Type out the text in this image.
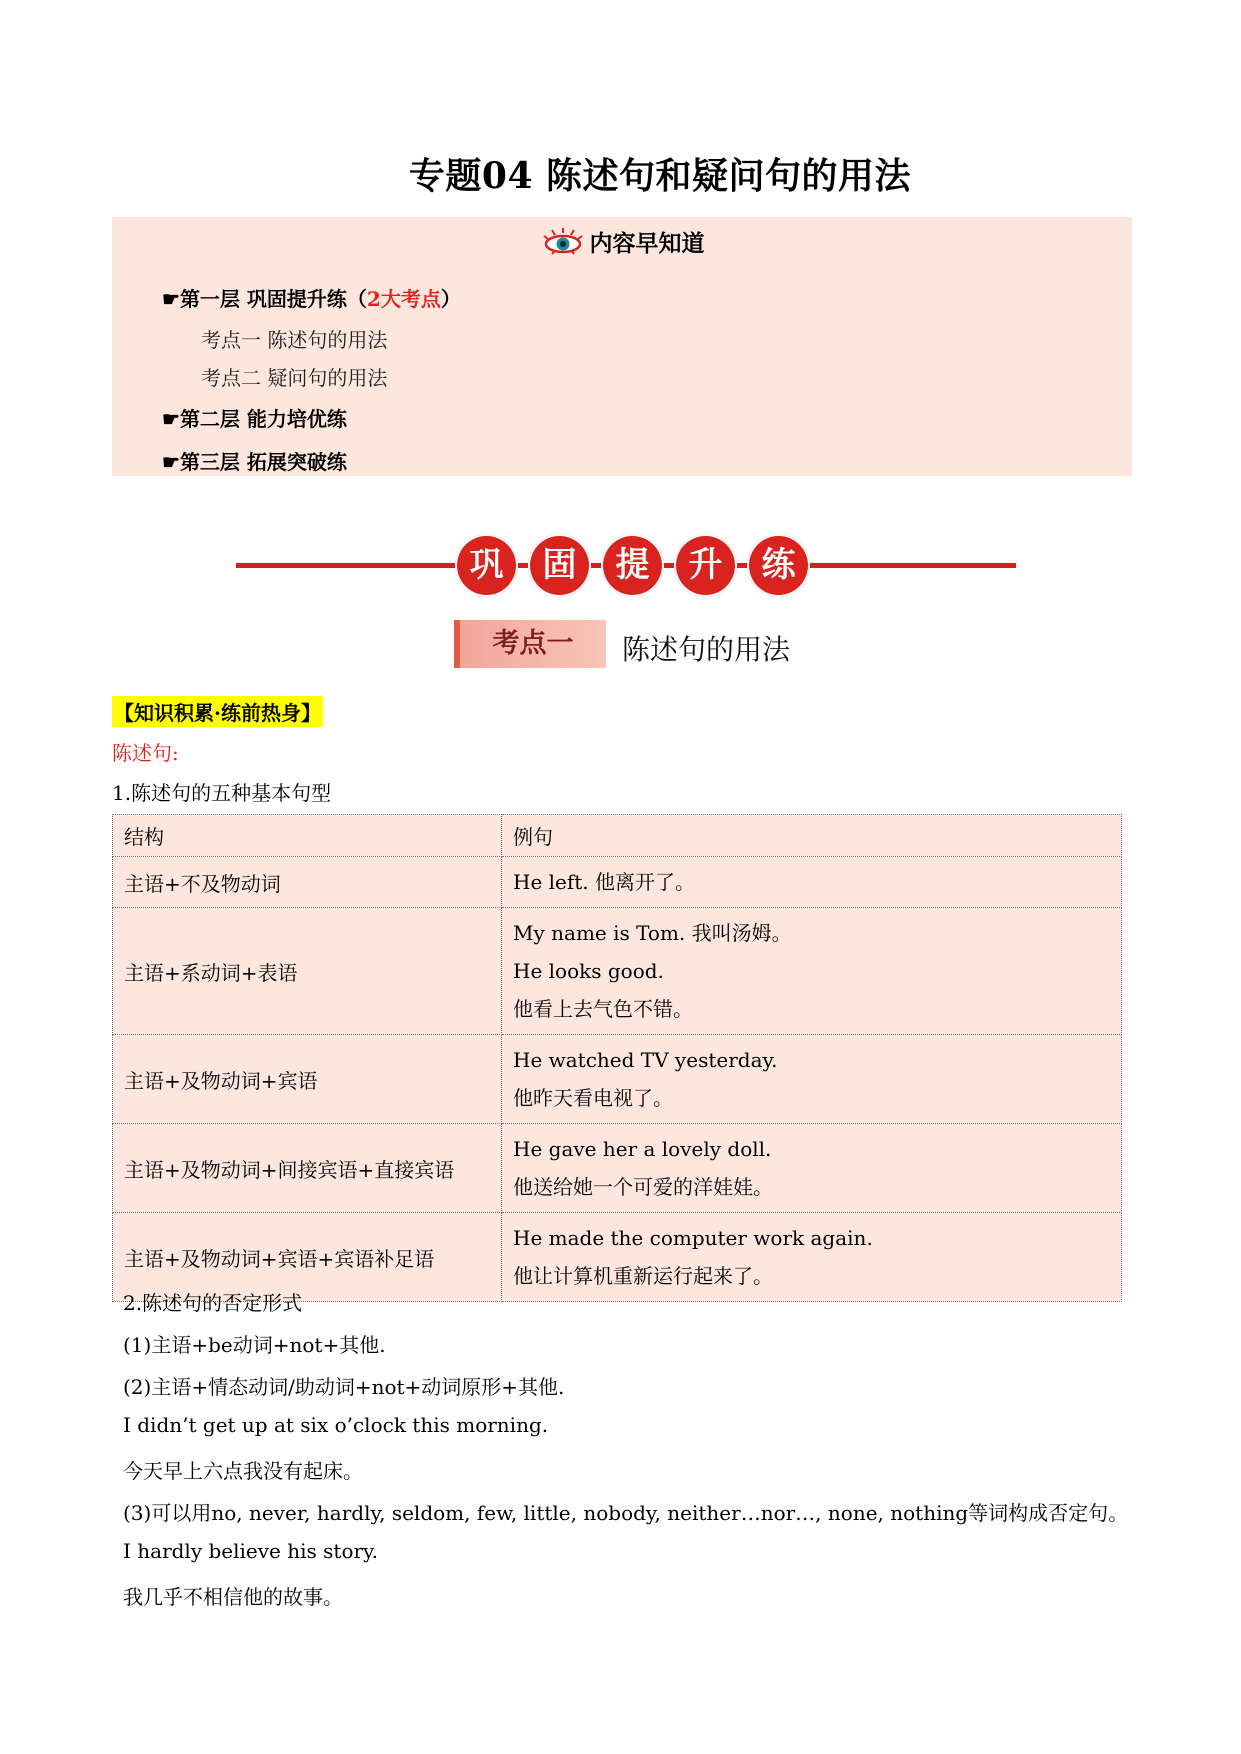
专题04 陈述句和疑问句的用法
内容早知道
☛第一层 巩固提升练（2大考点）
考点一 陈述句的用法
考点二 疑问句的用法
☛第二层 能力培优练
☛第三层 拓展突破练
巩	固	提	升	练
考点一	陈述句的用法
【知识积累·练前热身】
陈述句:
1.陈述句的五种基本句型
结构	例句
主语+不及物动词	He left. 他离开了。

主语+系动词+表语	My name is Tom. 我叫汤姆。

He looks good.

他看上去气色不错。

主语+及物动词+宾语	He watched TV yesterday.

他昨天看电视了。

主语+及物动词+间接宾语+直接宾语	He gave her a lovely doll.

他送给她一个可爱的洋娃娃。

主语+及物动词+宾语+宾语补足语	He made the computer work again.

他让计算机重新运行起来了。

2.陈述句的否定形式
(1)主语+be动词+not+其他.
(2)主语+情态动词/助动词+not+动词原形+其他.
I didn’t get up at six o’clock this morning.
今天早上六点我没有起床。
(3)可以用no, never, hardly, seldom, few, little, nobody, neither…nor…, none, nothing等词构成否定句。
I hardly believe his story.
我几乎不相信他的故事。
